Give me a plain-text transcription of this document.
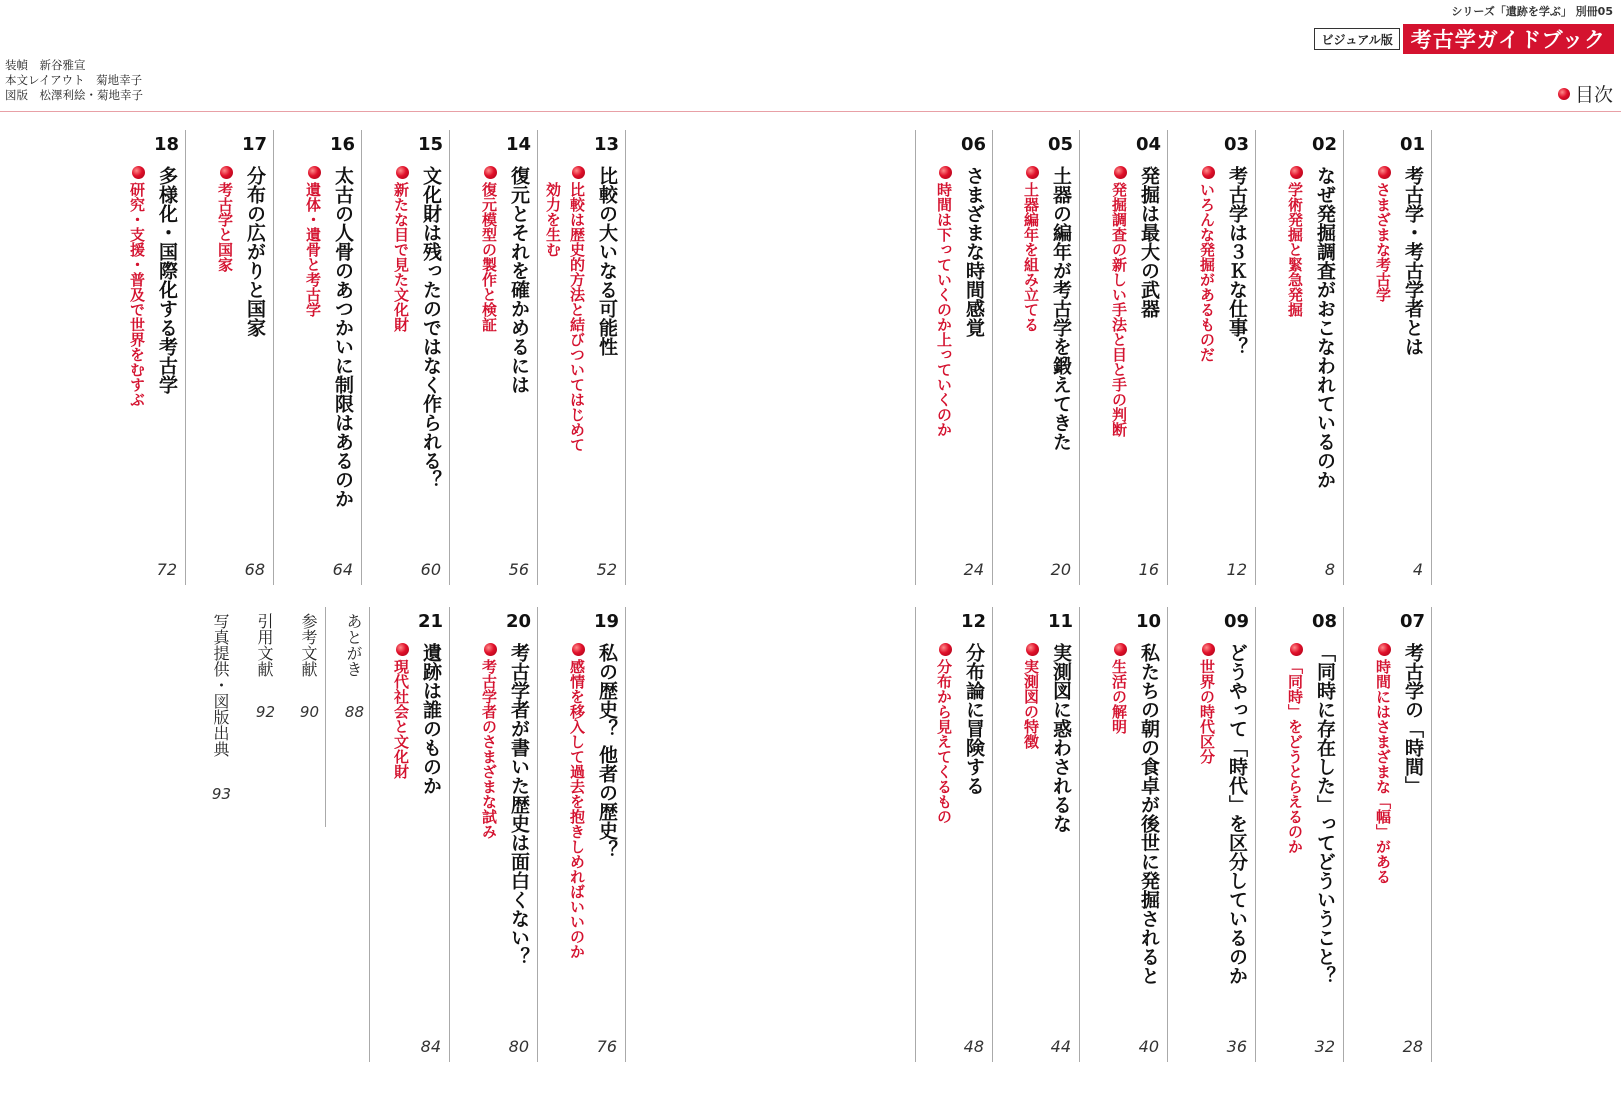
シリーズ「遺跡を学ぶ」 別冊05
ビジュアル版 考古学ガイドブック
装幀　新谷雅宣
本文レイアウト　菊地幸子
図版　松澤利絵・菊地幸子	目次
01
考古学・考古学者とは
さまざまな考古学
4
02
なぜ発掘調査がおこなわれているのか
学術発掘と緊急発掘
8
03
考古学は３Ｋな仕事？
いろんな発掘があるものだ
12
04
発掘は最大の武器
発掘調査の新しい手法と目と手の判断
16
05
土器の編年が考古学を鍛えてきた
土器編年を組み立てる
20
06
さまざまな時間感覚
時間は下っていくのか上っていくのか
24
13
比較の大いなる可能性
比較は歴史的方法と結びついてはじめて
効力を生む
52
14
復元とそれを確かめるには
復元模型の製作と検証
56
15
文化財は残ったのではなく作られる？
新たな目で見た文化財
60
16
太古の人骨のあつかいに制限はあるのか
遺体・遺骨と考古学
64
17
分布の広がりと国家
考古学と国家
68
18
多様化・国際化する考古学
研究・支援・普及で世界をむすぶ
72
07
考古学の「時間」
時間にはさまざまな「幅」がある
28
08
「同時に存在した」ってどういうこと？
「同時」をどうとらえるのか
32
09
どうやって「時代」を区分しているのか
世界の時代区分
36
10
私たちの朝の食卓が後世に発掘されると
生活の解明
40
11
実測図に惑わされるな
実測図の特徴
44
12
分布論に冒険する
分布から見えてくるもの
48
19
私の歴史？ 他者の歴史？
感情を移入して過去を抱きしめればいいのか
76
20
考古学者が書いた歴史は面白くない？
考古学者のさまざまな試み
80
21
遺跡は誰のものか
現代社会と文化財
84
あとがき
88
参考文献
90
引用文献
92
写真提供・図版出典
93
